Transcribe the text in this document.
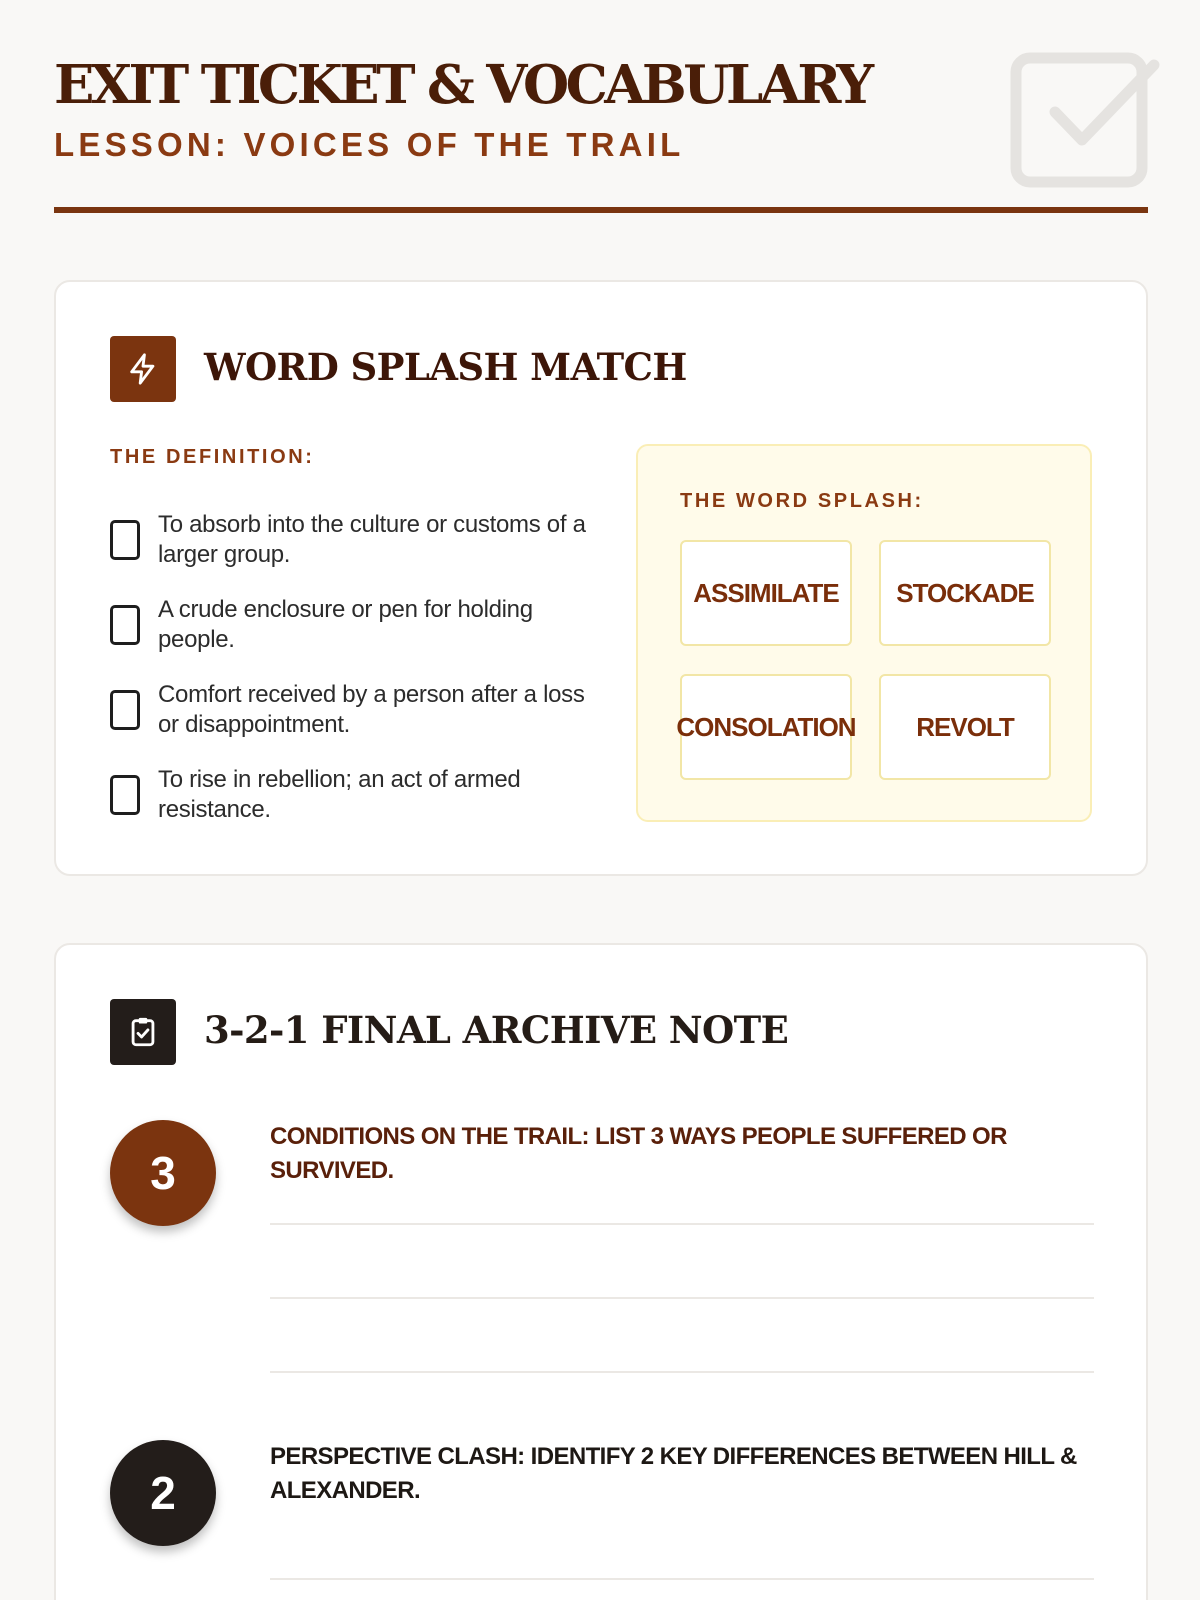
EXIT TICKET & VOCABULARY
LESSON: VOICES OF THE TRAIL
WORD SPLASH MATCH
THE DEFINITION:
To absorb into the culture or customs of a larger group.
A crude enclosure or pen for holding people.
Comfort received by a person after a loss or disappointment.
To rise in rebellion; an act of armed resistance.
THE WORD SPLASH:
ASSIMILATE STOCKADE
CONSOLATION REVOLT
3-2-1 FINAL ARCHIVE NOTE
3
CONDITIONS ON THE TRAIL: LIST 3 WAYS PEOPLE SUFFERED OR SURVIVED.
2
PERSPECTIVE CLASH: IDENTIFY 2 KEY DIFFERENCES BETWEEN HILL & ALEXANDER.
